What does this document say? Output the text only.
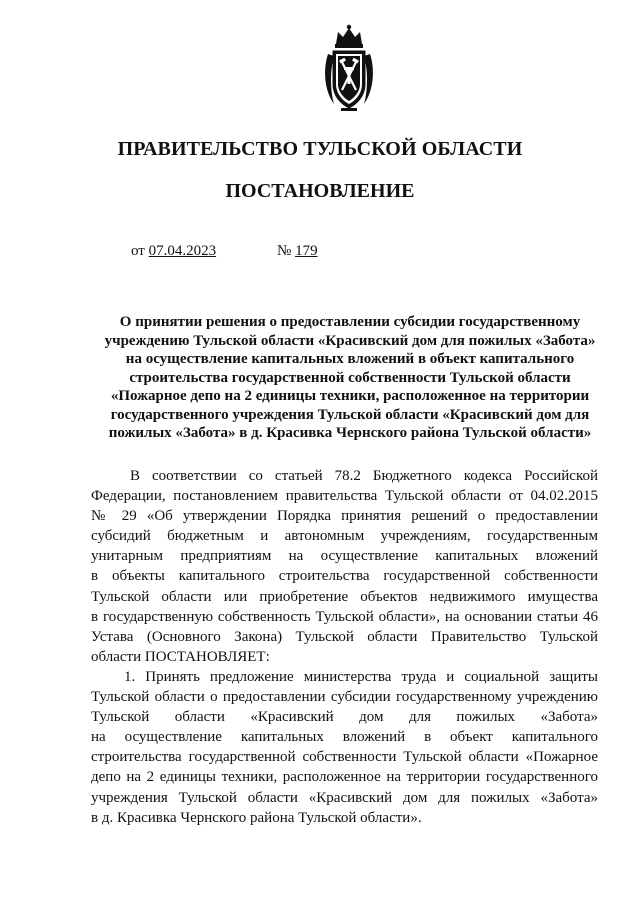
ПРАВИТЕЛЬСТВО ТУЛЬСКОЙ ОБЛАСТИ
ПОСТАНОВЛЕНИЕ
от 07.04.2023	№ 179
О принятии решения о предоставлении субсидии государственному
учреждению Тульской области «Красивский дом для пожилых «Забота»
на осуществление капитальных вложений в объект капитального
строительства государственной собственности Тульской области
«Пожарное депо на 2 единицы техники, расположенное на территории
государственного учреждения Тульской области «Красивский дом для
пожилых «Забота» в д. Красивка Чернского района Тульской области»
В соответствии со статьей 78.2 Бюджетного кодекса Российской
Федерации, постановлением правительства Тульской области от 04.02.2015
№ 29 «Об утверждении Порядка принятия решений о предоставлении
субсидий бюджетным и автономным учреждениям, государственным
унитарным предприятиям на осуществление капитальных вложений
в объекты капитального строительства государственной собственности
Тульской области или приобретение объектов недвижимого имущества
в государственную собственность Тульской области», на основании статьи 46
Устава (Основного Закона) Тульской области Правительство Тульской
области ПОСТАНОВЛЯЕТ:
1. Принять предложение министерства труда и социальной защиты
Тульской области о предоставлении субсидии государственному учреждению
Тульской области «Красивский дом для пожилых «Забота»
на осуществление капитальных вложений в объект капитального
строительства государственной собственности Тульской области «Пожарное
депо на 2 единицы техники, расположенное на территории государственного
учреждения Тульской области «Красивский дом для пожилых «Забота»
в д. Красивка Чернского района Тульской области».
